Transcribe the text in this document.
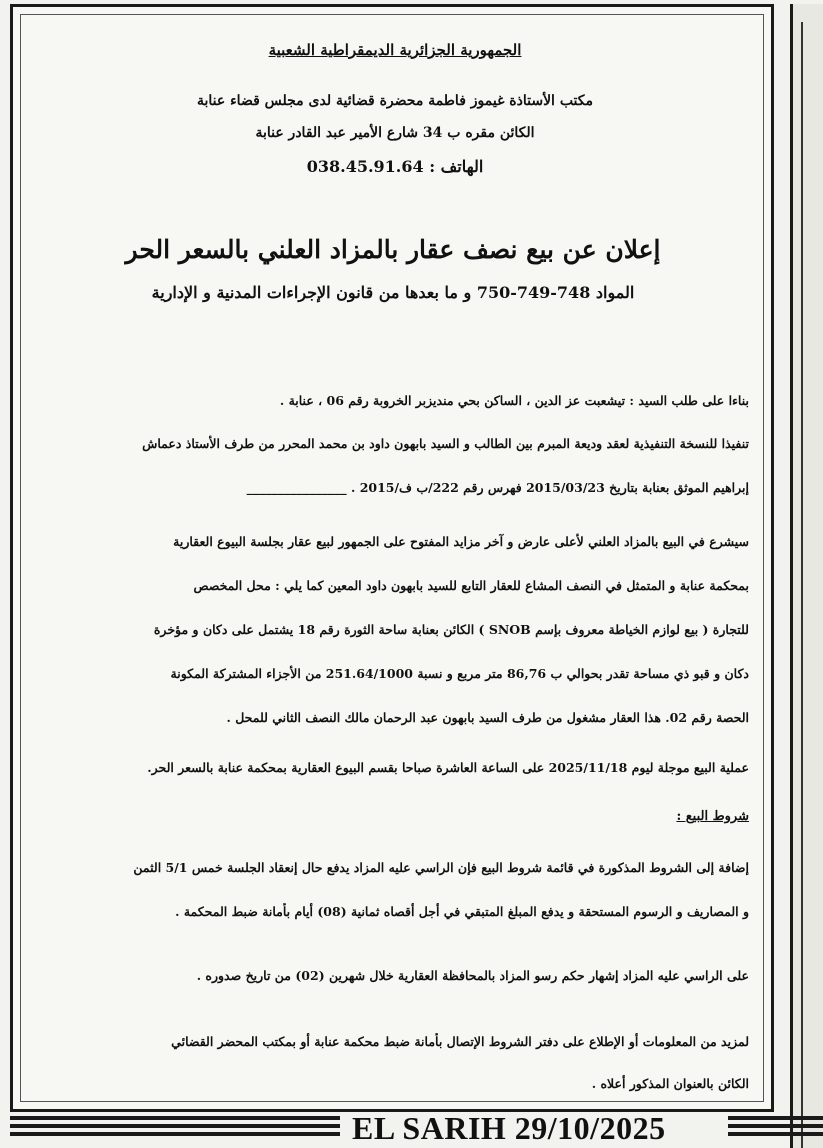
الجمهورية الجزائرية الديمقراطية الشعبية
مكتب الأستاذة غيموز فاطمة محضرة قضائية لدى مجلس قضاء عنابة
الكائن مقره ب 34 شارع الأمير عبد القادر عنابة
الهاتف : 038.45.91.64
إعلان عن بيع نصف عقار بالمزاد العلني بالسعر الحر
المواد 748-749-750 و ما بعدها من قانون الإجراءات المدنية و الإدارية
بناءا على طلب السيد : تيشعبت عز الدين ، الساكن بحي منديزبر الخروبة رقم 06 ، عنابة .
تنفيذا للنسخة التنفيذية لعقد وديعة المبرم بين الطالب و السيد بابهون داود بن محمد المحرر من طرف الأستاذ دعماش
إبراهيم الموثق بعنابة بتاريخ 2015/03/23 فهرس رقم 222/ب ف/2015 . ________________
سيشرع في البيع بالمزاد العلني لأعلى عارض و آخر مزايد المفتوح على الجمهور لبيع عقار بجلسة البيوع العقارية
بمحكمة عنابة و المتمثل في النصف المشاع للعقار التابع للسيد بابهون داود المعين كما يلي : محل المخصص
للتجارة ( بيع لوازم الخياطة معروف بإسم SNOB ) الكائن بعنابة ساحة الثورة رقم 18 يشتمل على دكان و مؤخرة
دكان و قبو ذي مساحة تقدر بحوالي ب 86,76 متر مربع و نسبة 251.64/1000 من الأجزاء المشتركة المكونة
الحصة رقم 02. هذا العقار مشغول من طرف السيد بابهون عبد الرحمان مالك النصف الثاني للمحل .
عملية البيع موجلة ليوم 2025/11/18 على الساعة العاشرة صباحا بقسم البيوع العقارية بمحكمة عنابة بالسعر الحر.
شروط البيع :
إضافة إلى الشروط المذكورة في قائمة شروط البيع فإن الراسي عليه المزاد يدفع حال إنعقاد الجلسة خمس 5/1 الثمن
و المصاريف و الرسوم المستحقة و يدفع المبلغ المتبقي في أجل أقصاه ثمانية (08) أيام بأمانة ضبط المحكمة .
على الراسي عليه المزاد إشهار حكم رسو المزاد بالمحافظة العقارية خلال شهرين (02) من تاريخ صدوره .
لمزيد من المعلومات أو الإطلاع على دفتر الشروط الإتصال بأمانة ضبط محكمة عنابة أو بمكتب المحضر القضائي
الكائن بالعنوان المذكور أعلاه .
EL SARIH 29/10/2025
